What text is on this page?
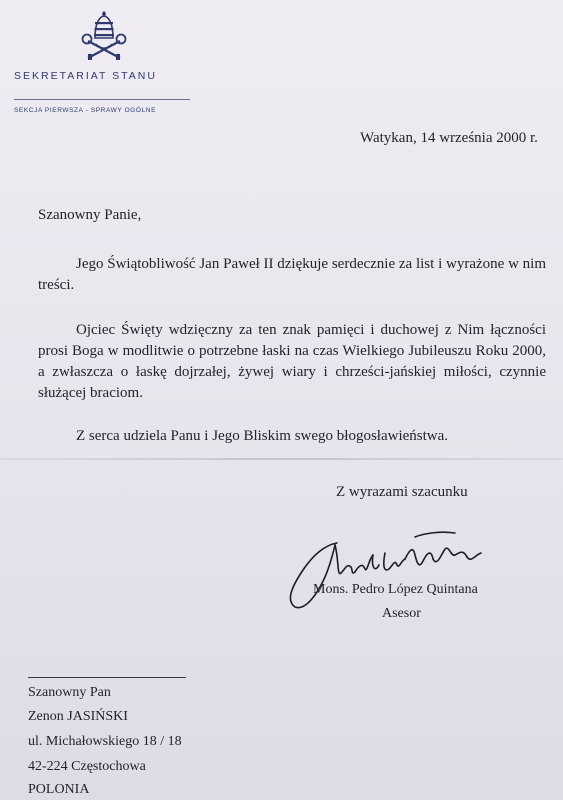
SEKRETARIAT STANU
SEKCJA PIERWSZA - SPRAWY OGÓLNE
Watykan, 14 września 2000 r.
Szanowny Panie,
Jego Świątobliwość Jan Paweł II dziękuje serdecznie za list i wyrażone w nim treści.
Ojciec Święty wdzięczny za ten znak pamięci i duchowej z Nim łączności prosi Boga w modlitwie o potrzebne łaski na czas Wielkiego Jubileuszu Roku 2000, a zwłaszcza o łaskę dojrzałej, żywej wiary i chrześci-jańskiej miłości, czynnie służącej braciom.
Z serca udziela Panu i Jego Bliskim swego błogosławieństwa.
Z wyrazami szacunku
Mons. Pedro López Quintana
Asesor
Szanowny Pan
Zenon JASIŃSKI
ul. Michałowskiego 18 / 18
42-224 Częstochowa
POLONIA
